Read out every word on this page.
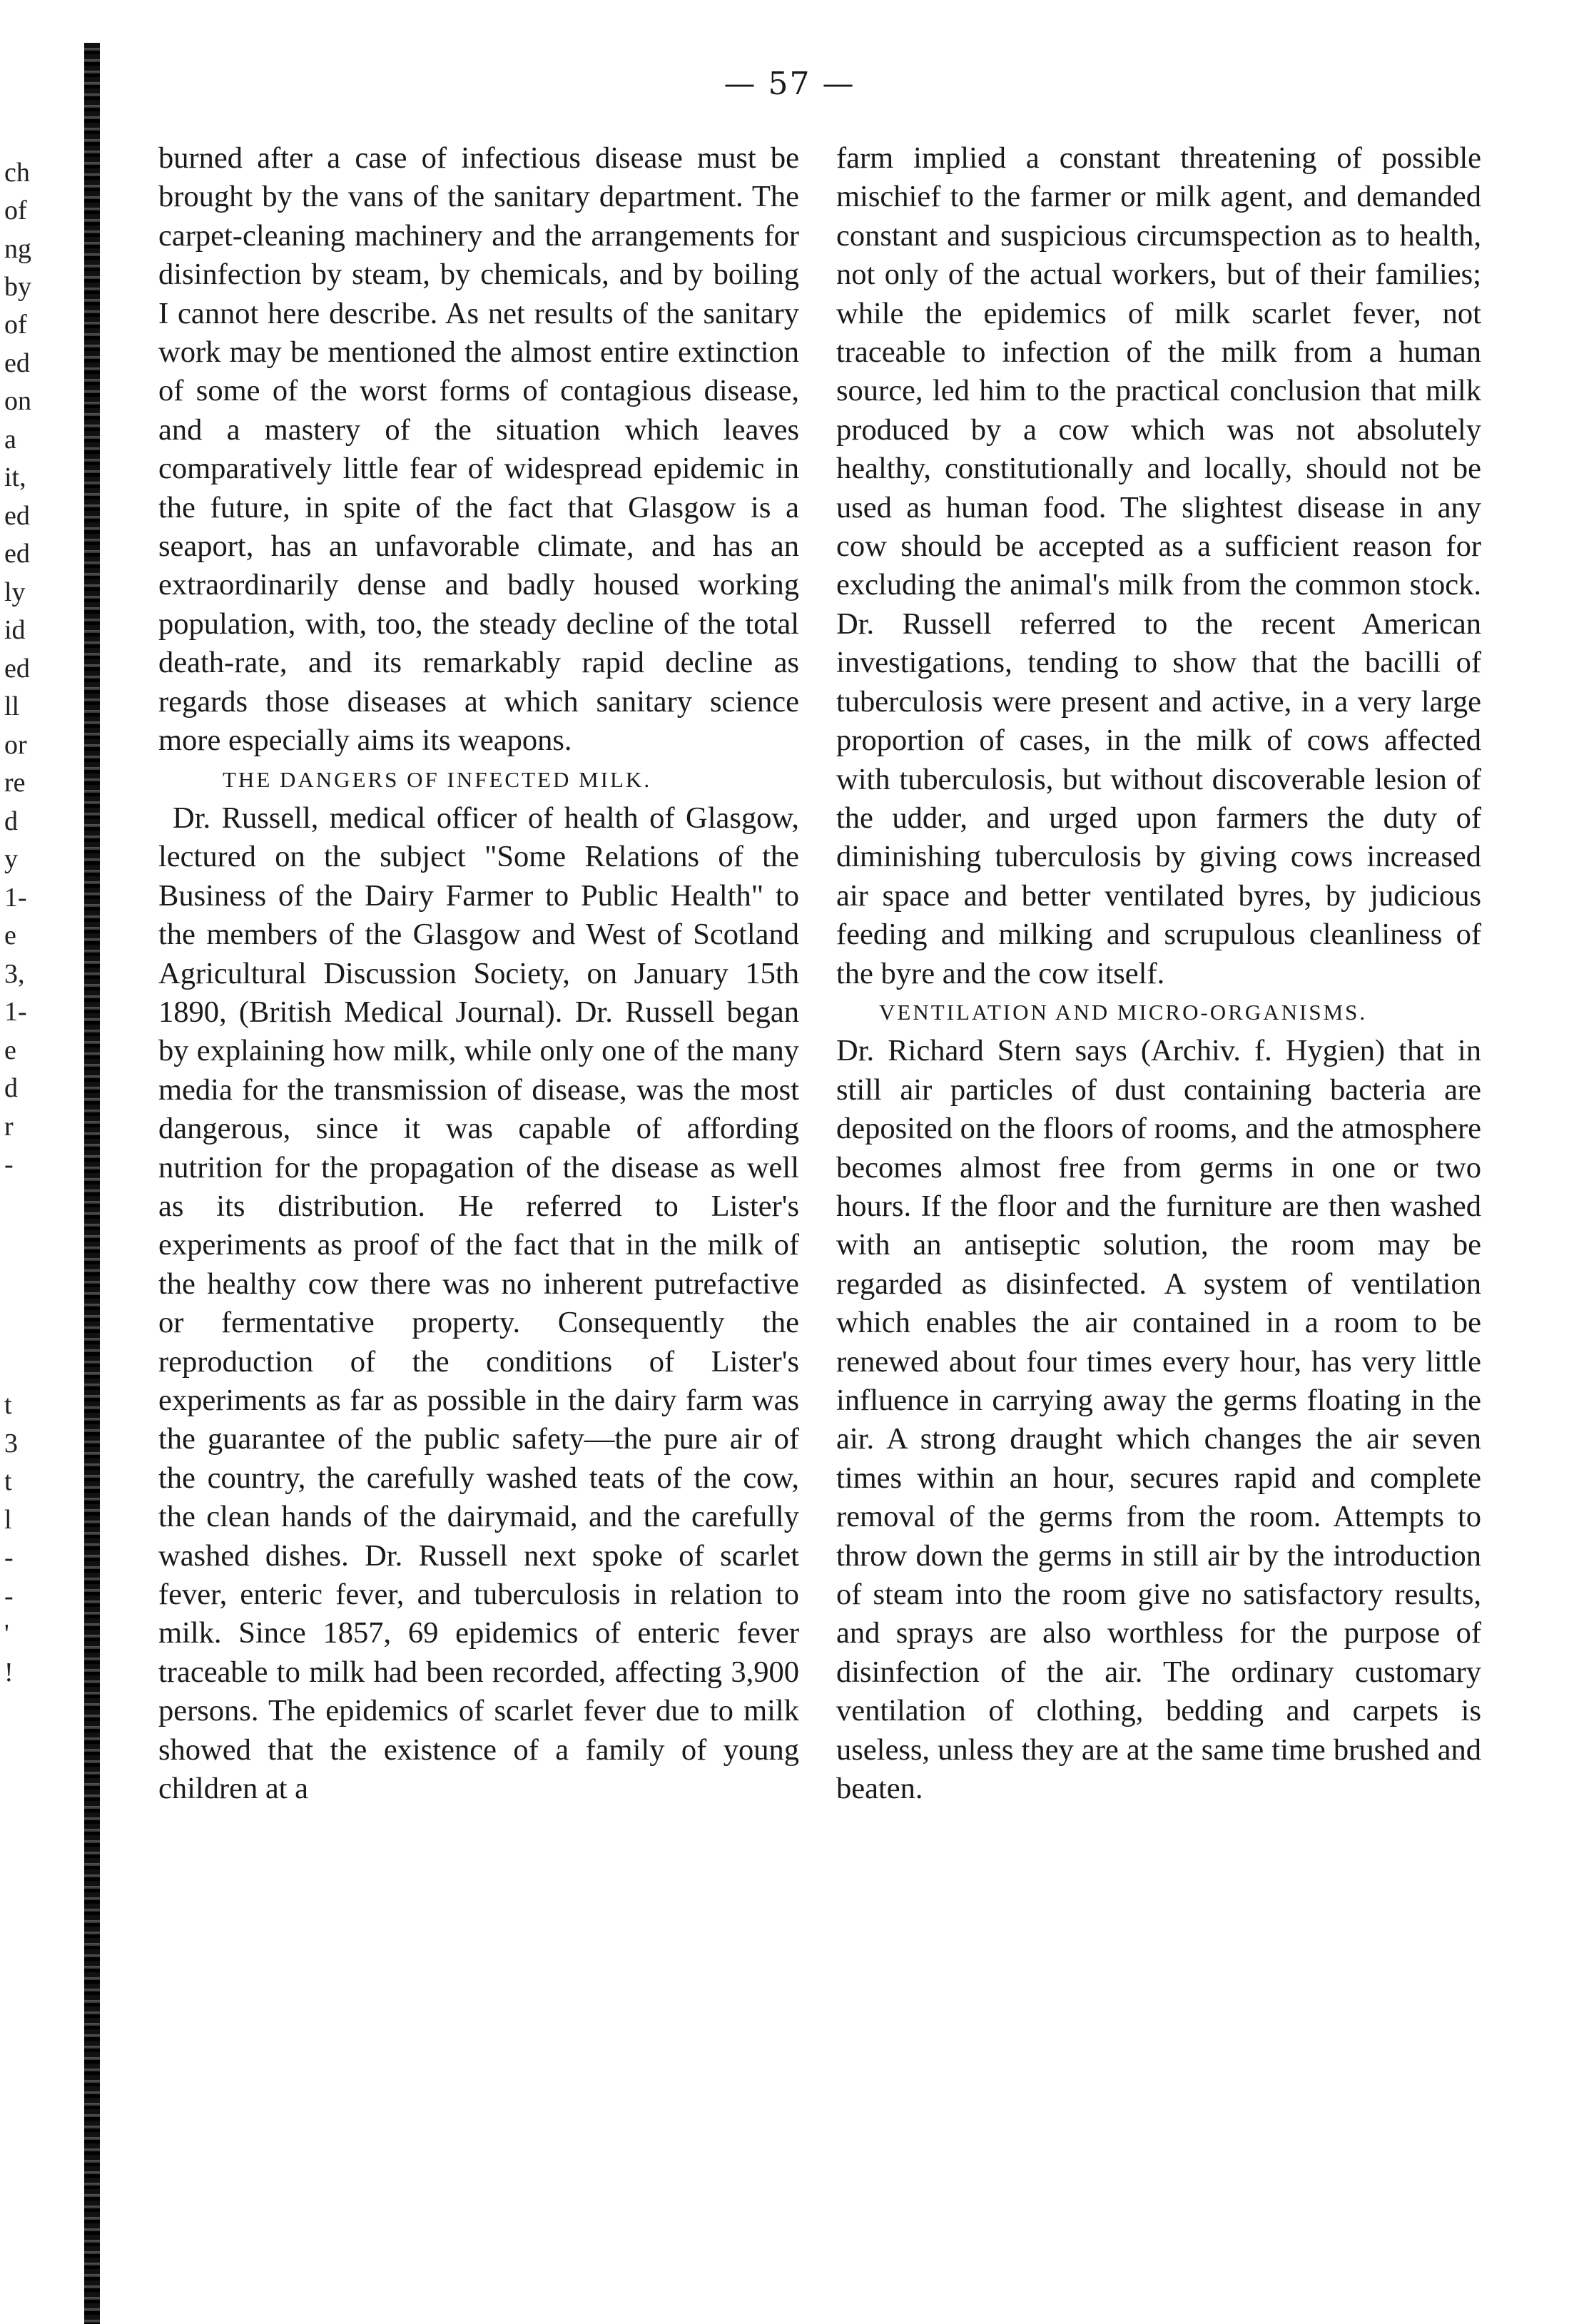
ch
of
ng
by
of
ed
on
a
it,
ed
ed
ly
id
ed
ll
or
re
d
y
1-
e
3,
1-
e
d
r
-
t
3
t
l
-
-
'
!
— 57 —

burned after a case of infectious disease must be brought by the vans of the sanitary department. The carpet-cleaning machinery and the arrangements for disinfection by steam, by chemicals, and by boiling I cannot here describe. As net results of the sanitary work may be mentioned the almost entire extinction of some of the worst forms of contagious disease, and a mastery of the situation which leaves comparatively little fear of widespread epidemic in the future, in spite of the fact that Glasgow is a seaport, has an unfavorable climate, and has an extraordinarily dense and badly housed working population, with, too, the steady decline of the total death-rate, and its remarkably rapid decline as regards those diseases at which sanitary science more especially aims its weapons.

THE DANGERS OF INFECTED MILK.

Dr. Russell, medical officer of health of Glasgow, lectured on the subject "Some Relations of the Business of the Dairy Farmer to Public Health" to the members of the Glasgow and West of Scotland Agricultural Discussion Society, on January 15th 1890, (British Medical Journal). Dr. Russell began by explaining how milk, while only one of the many media for the transmission of disease, was the most dangerous, since it was capable of affording nutrition for the propagation of the disease as well as its distribution. He referred to Lister's experiments as proof of the fact that in the milk of the healthy cow there was no inherent putrefactive or fermentative property. Consequently the reproduction of the conditions of Lister's experiments as far as possible in the dairy farm was the guarantee of the public safety—the pure air of the country, the carefully washed teats of the cow, the clean hands of the dairymaid, and the carefully washed dishes. Dr. Russell next spoke of scarlet fever, enteric fever, and tuberculosis in relation to milk. Since 1857, 69 epidemics of enteric fever traceable to milk had been recorded, affecting 3,900 persons. The epidemics of scarlet fever due to milk showed that the existence of a family of young children at a

farm implied a constant threatening of possible mischief to the farmer or milk agent, and demanded constant and suspicious circumspection as to health, not only of the actual workers, but of their families; while the epidemics of milk scarlet fever, not traceable to infection of the milk from a human source, led him to the practical conclusion that milk produced by a cow which was not absolutely healthy, constitutionally and locally, should not be used as human food. The slightest disease in any cow should be accepted as a sufficient reason for excluding the animal's milk from the common stock. Dr. Russell referred to the recent American investigations, tending to show that the bacilli of tuberculosis were present and active, in a very large proportion of cases, in the milk of cows affected with tuberculosis, but without discoverable lesion of the udder, and urged upon farmers the duty of diminishing tuberculosis by giving cows increased air space and better ventilated byres, by judicious feeding and milking and scrupulous cleanliness of the byre and the cow itself.

VENTILATION AND MICRO-ORGANISMS.

Dr. Richard Stern says (Archiv. f. Hygien) that in still air particles of dust containing bacteria are deposited on the floors of rooms, and the atmosphere becomes almost free from germs in one or two hours. If the floor and the furniture are then washed with an antiseptic solution, the room may be regarded as disinfected. A system of ventilation which enables the air contained in a room to be renewed about four times every hour, has very little influence in carrying away the germs floating in the air. A strong draught which changes the air seven times within an hour, secures rapid and complete removal of the germs from the room. Attempts to throw down the germs in still air by the introduction of steam into the room give no satisfactory results, and sprays are also worthless for the purpose of disinfection of the air. The ordinary customary ventilation of clothing, bedding and carpets is useless, unless they are at the same time brushed and beaten.
